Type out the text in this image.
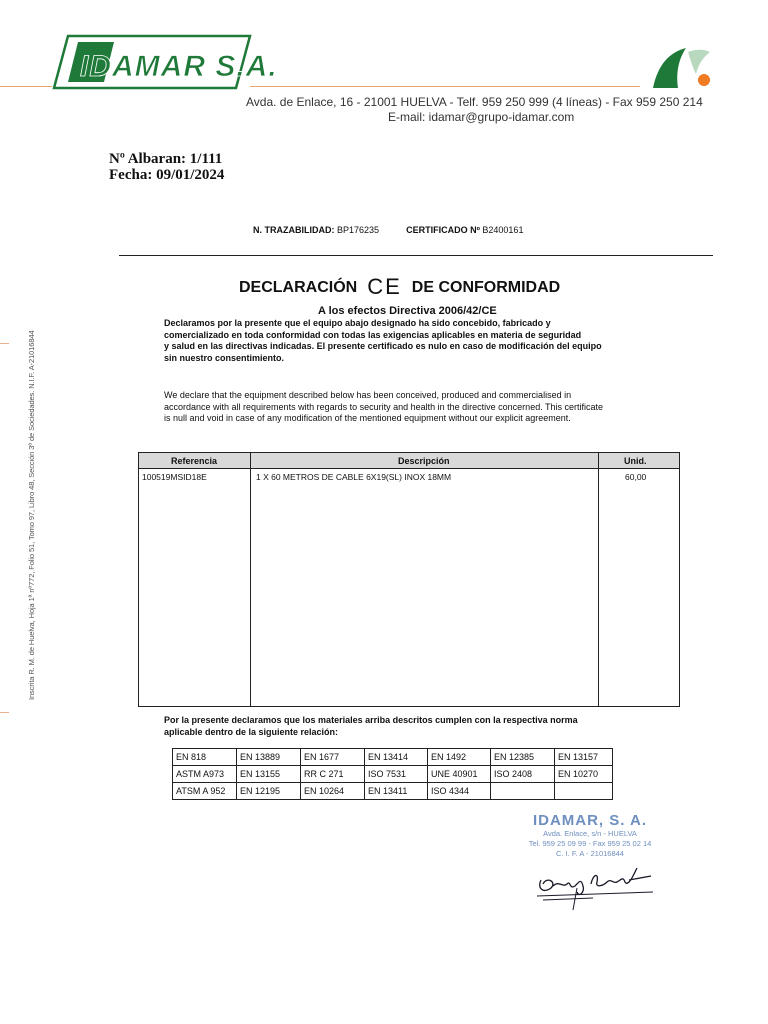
IDAMAR S.A.
Avda. de Enlace, 16 - 21001 HUELVA - Telf. 959 250 999 (4 líneas) - Fax 959 250 214
E-mail: idamar@grupo-idamar.com
Inscrita R. M. de Huelva, Hoja 1ª nº772, Folio 51, Tomo 97, Libro 48, Sección 3ª de Sociedades. N.I.F. A-21016844
Nº Albaran: 1/111
Fecha: 09/01/2024
N. TRAZABILIDAD: BP176235	CERTIFICADO Nº B2400161
DECLARACIÓN CE DE CONFORMIDAD
A los efectos Directiva 2006/42/CE
Declaramos por la presente que el equipo abajo designado ha sido concebido, fabricado y comercializado en toda conformidad con todas las exigencias aplicables en materia de seguridad
y salud en las directivas indicadas. El presente certificado es nulo en caso de modificación del equipo sin nuestro consentimiento.
We declare that the equipment described below has been conceived, produced and commercialised in accordance with all requirements with regards to security and health in the directive concerned. This certificate is null and void in case of any modification of the mentioned equipment without our explicit agreement.
Referencia	Descripción	Unid.
100519MSID18E	1 X 60 METROS DE CABLE 6X19(SL) INOX 18MM	60,00
Por la presente declaramos que los materiales arriba descritos cumplen con la respectiva norma aplicable dentro de la siguiente relación:
EN 818	EN 13889	EN 1677	EN 13414	EN 1492	EN 12385	EN 13157
ASTM A973	EN 13155	RR C 271	ISO 7531	UNE 40901	ISO 2408	EN 10270
ATSM A 952	EN 12195	EN 10264	EN 13411	ISO 4344		
IDAMAR, S. A.
Avda. Enlace, s/n - HUELVA
Tel. 959 25 09 99 - Fax 959 25 02 14
C. I. F. A - 21016844
